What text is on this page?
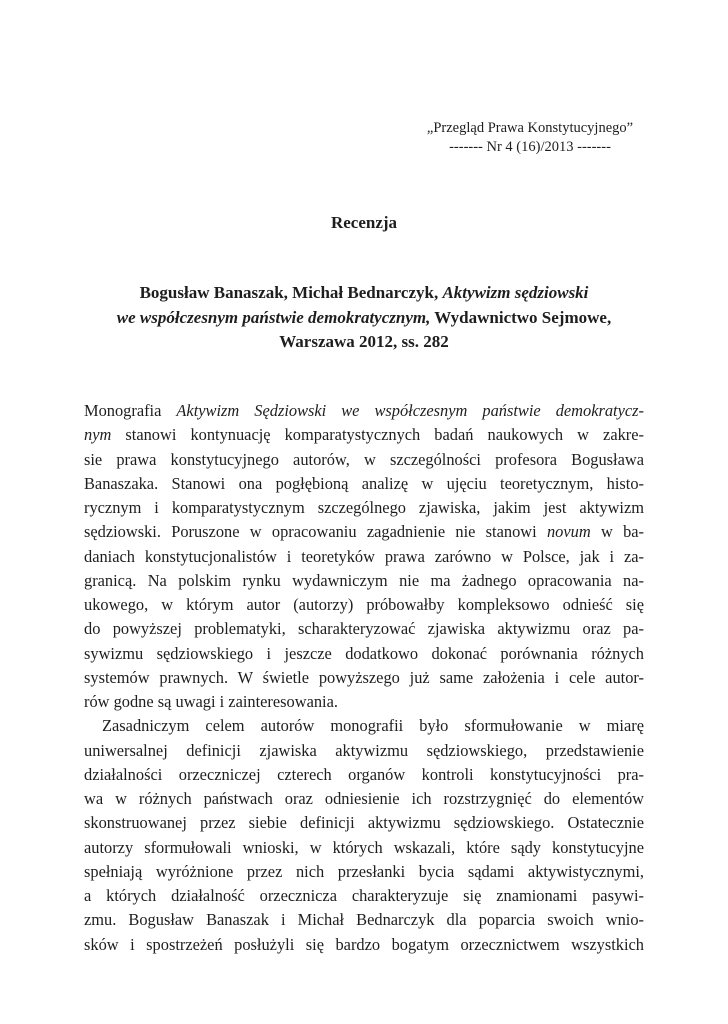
„Przegląd Prawa Konstytucyjnego”
------- Nr 4 (16)/2013 -------
Recenzja
Bogusław Banaszak, Michał Bednarczyk, Aktywizm sędziowski
we współczesnym państwie demokratycznym, Wydawnictwo Sejmowe,
Warszawa 2012, ss. 282
Monografia Aktywizm Sędziowski we współczesnym państwie demokratycz-
nym stanowi kontynuację komparatystycznych badań naukowych w zakre-
sie prawa konstytucyjnego autorów, w szczególności profesora Bogusława
Banaszaka. Stanowi ona pogłębioną analizę w ujęciu teoretycznym, histo-
rycznym i komparatystycznym szczególnego zjawiska, jakim jest aktywizm
sędziowski. Poruszone w opracowaniu zagadnienie nie stanowi novum w ba-
daniach konstytucjonalistów i teoretyków prawa zarówno w Polsce, jak i za-
granicą. Na polskim rynku wydawniczym nie ma żadnego opracowania na-
ukowego, w którym autor (autorzy) próbowałby kompleksowo odnieść się
do powyższej problematyki, scharakteryzować zjawiska aktywizmu oraz pa-
sywizmu sędziowskiego i jeszcze dodatkowo dokonać porównania różnych
systemów prawnych. W świetle powyższego już same założenia i cele autor-
rów godne są uwagi i zainteresowania.
Zasadniczym celem autorów monografii było sformułowanie w miarę
uniwersalnej definicji zjawiska aktywizmu sędziowskiego, przedstawienie
działalności orzeczniczej czterech organów kontroli konstytucyjności pra-
wa w różnych państwach oraz odniesienie ich rozstrzygnięć do elementów
skonstruowanej przez siebie definicji aktywizmu sędziowskiego. Ostatecznie
autorzy sformułowali wnioski, w których wskazali, które sądy konstytucyjne
spełniają wyróżnione przez nich przesłanki bycia sądami aktywistycznymi,
a których działalność orzecznicza charakteryzuje się znamionami pasywi-
zmu. Bogusław Banaszak i Michał Bednarczyk dla poparcia swoich wnio-
sków i spostrzeżeń posłużyli się bardzo bogatym orzecznictwem wszystkich
